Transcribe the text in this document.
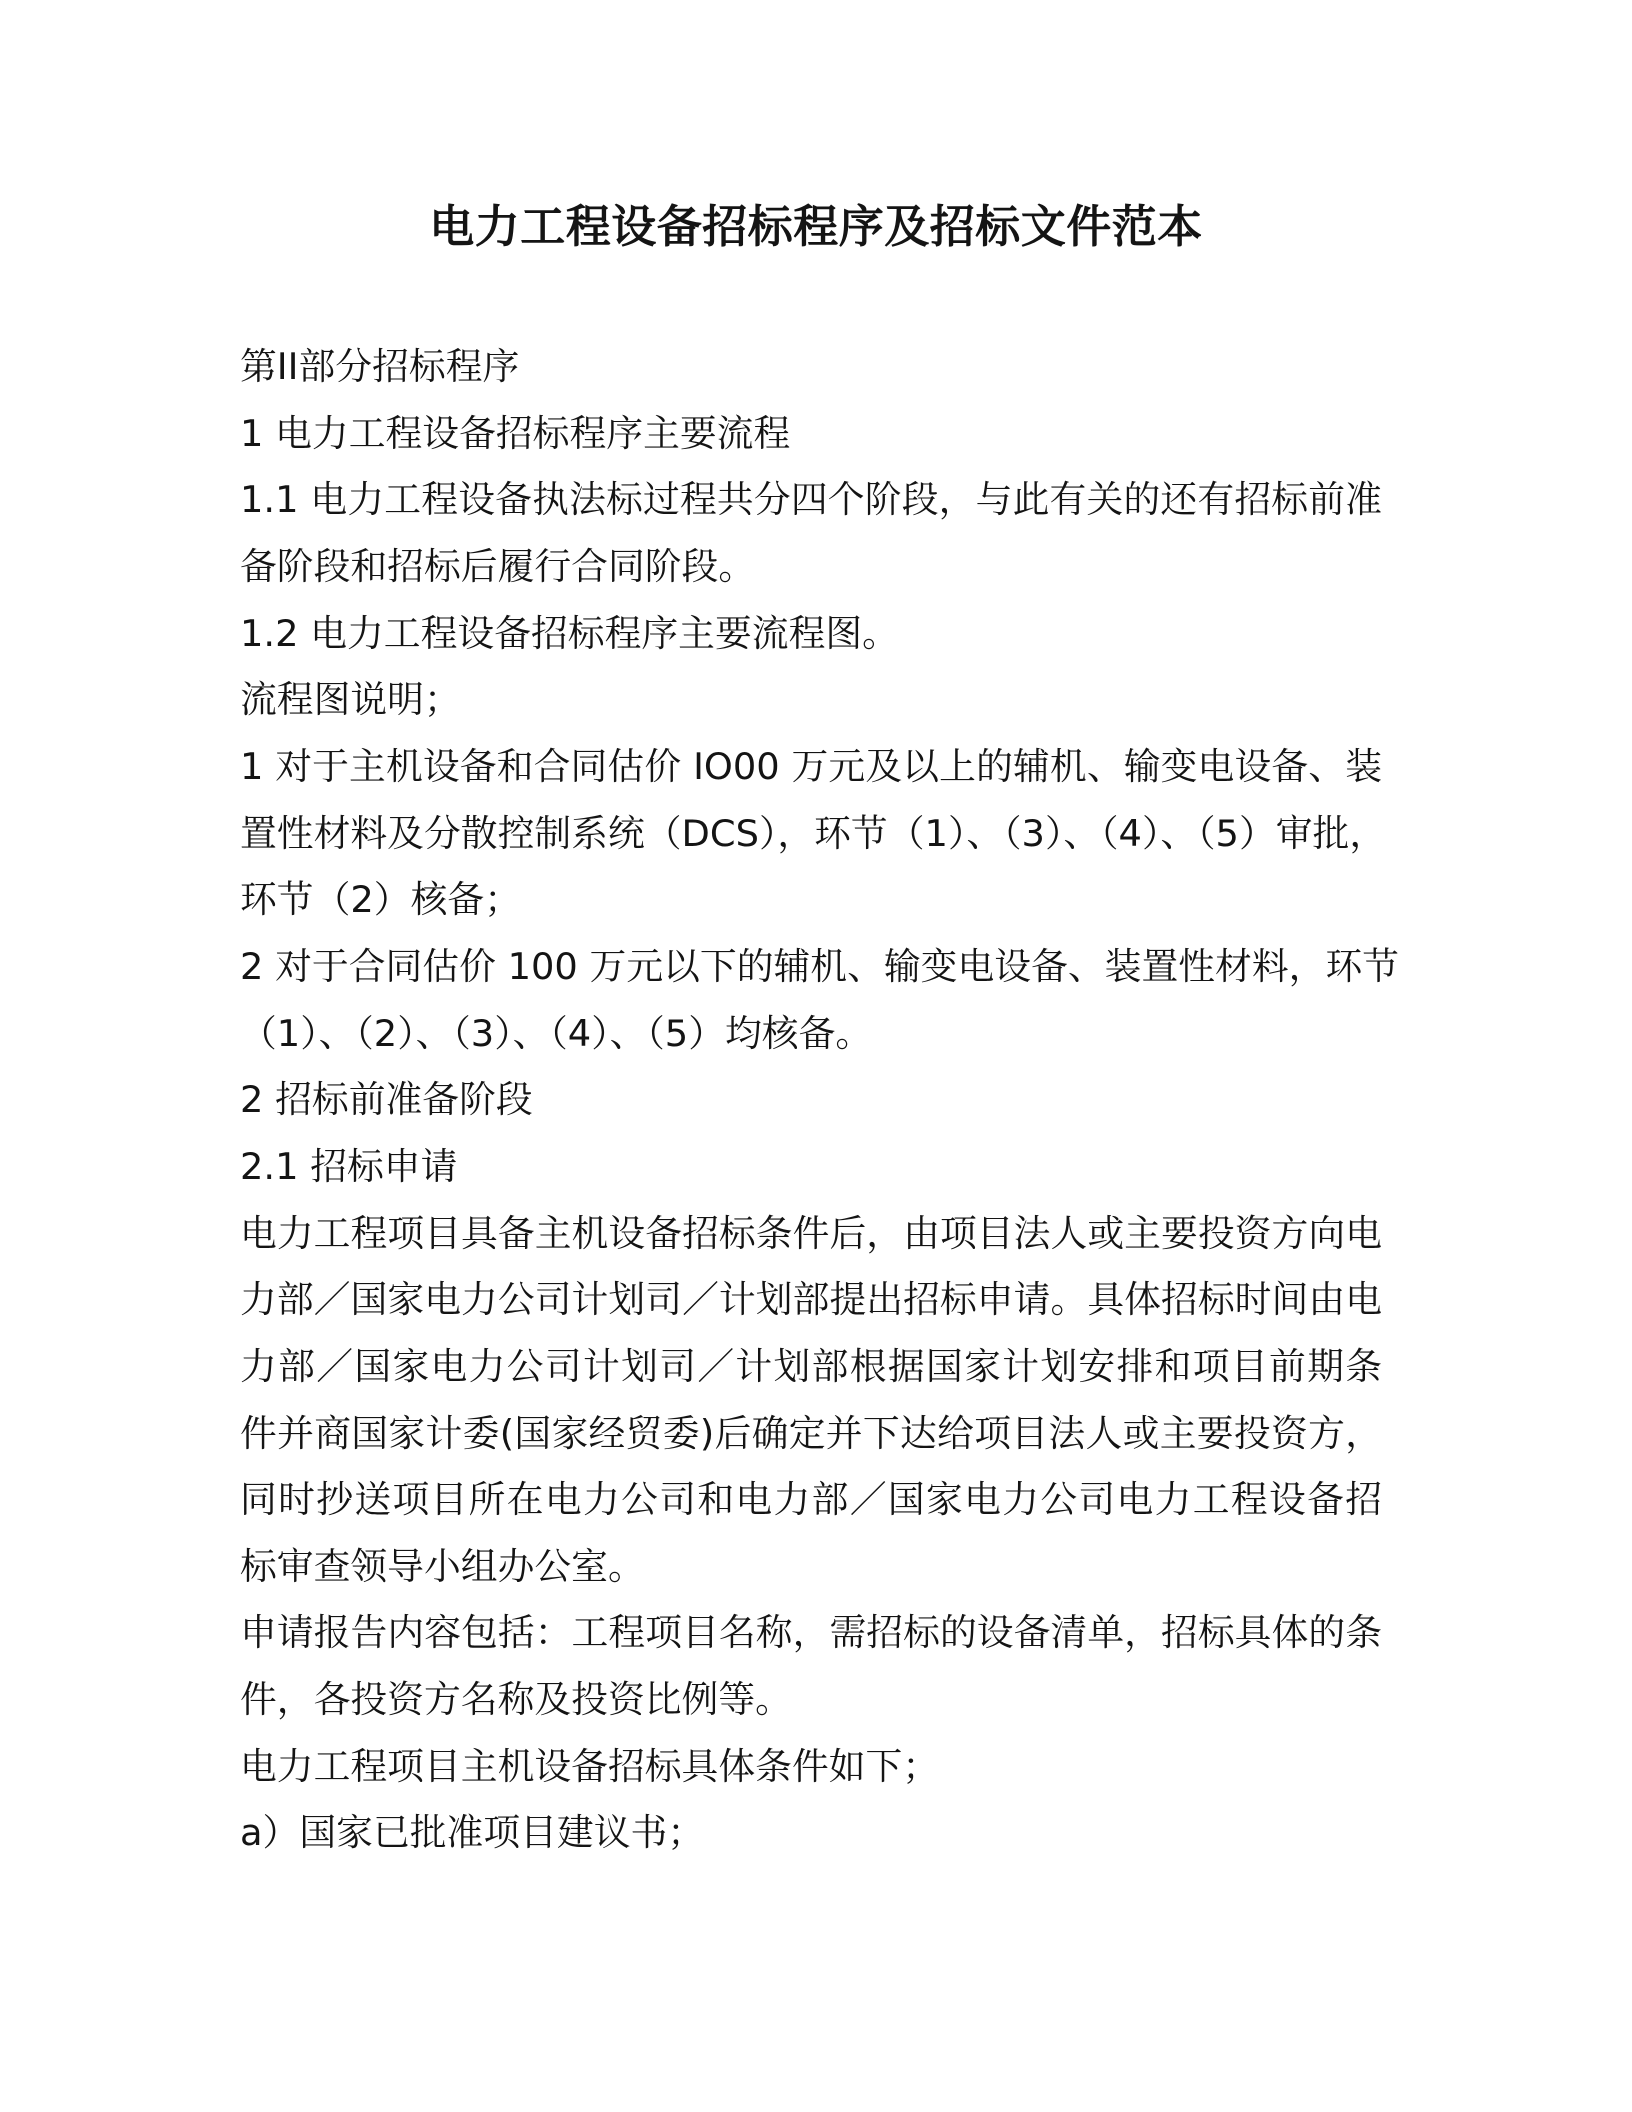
电力工程设备招标程序及招标文件范本

第II部分招标程序

1 电力工程设备招标程序主要流程

1.1 电力工程设备执法标过程共分四个阶段，与此有关的还有招标前准
备阶段和招标后履行合同阶段。

1.2 电力工程设备招标程序主要流程图。

流程图说明；

1 对于主机设备和合同估价 IO00 万元及以上的辅机、输变电设备、装
置性材料及分散控制系统（DCS），环节（1）、（3）、（4）、（5）审批，
环节（2）核备；

2 对于合同估价 100 万元以下的辅机、输变电设备、装置性材料，环节
（1）、（2）、（3）、（4）、（5）均核备。

2 招标前准备阶段

2.1 招标申请

电力工程项目具备主机设备招标条件后，由项目法人或主要投资方向电
力部／国家电力公司计划司／计划部提出招标申请。具体招标时间由电
力部／国家电力公司计划司／计划部根据国家计划安排和项目前期条
件并商国家计委(国家经贸委)后确定并下达给项目法人或主要投资方，
同时抄送项目所在电力公司和电力部／国家电力公司电力工程设备招
标审查领导小组办公室。

申请报告内容包括：工程项目名称，需招标的设备清单，招标具体的条
件，各投资方名称及投资比例等。

电力工程项目主机设备招标具体条件如下；

a）国家已批准项目建议书；
